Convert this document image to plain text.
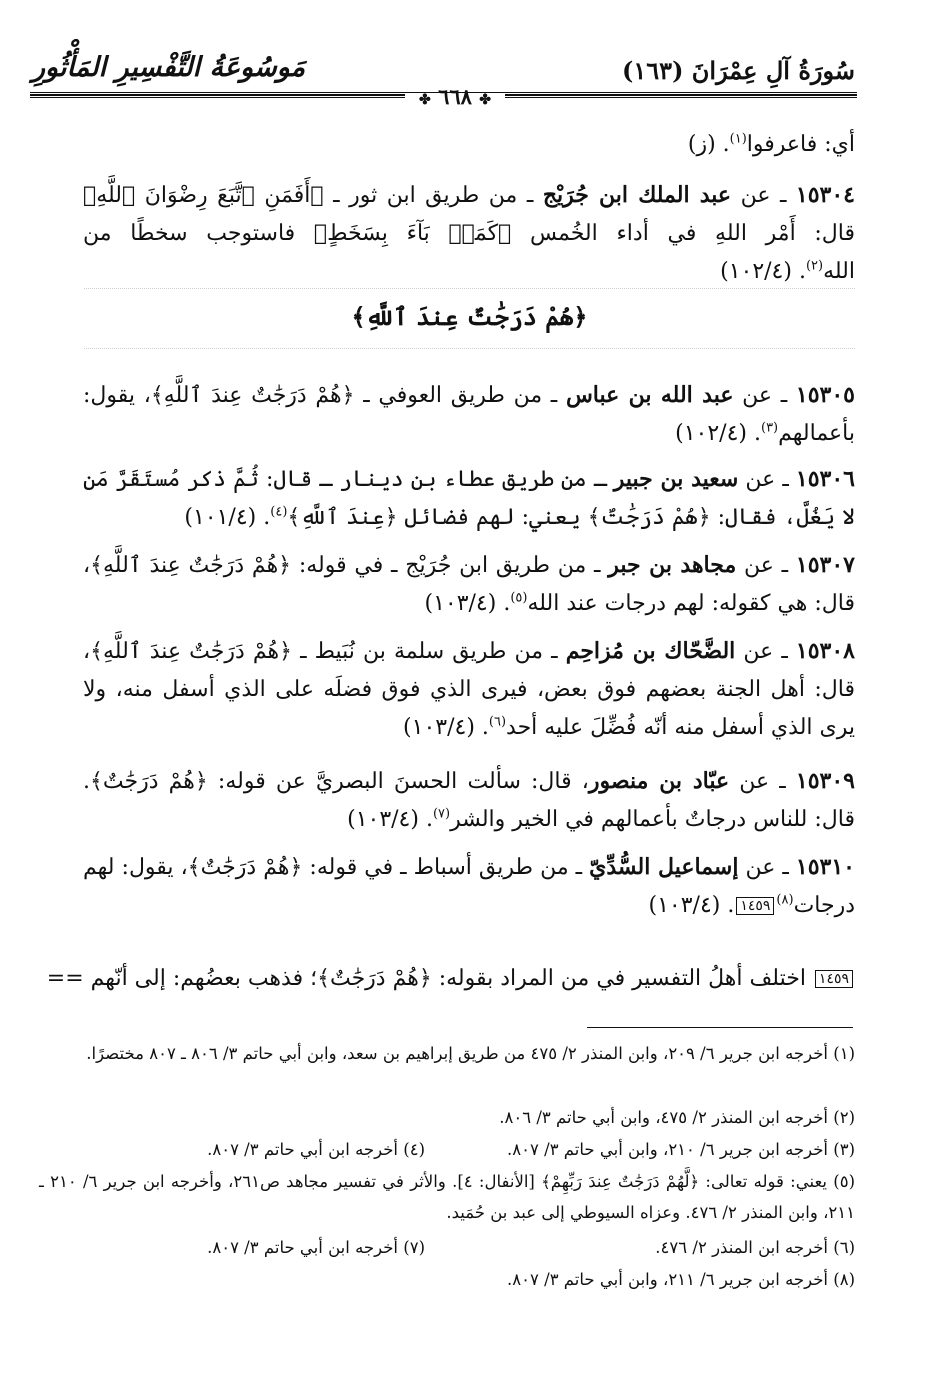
سُورَةُ آلِ عِمْرَانَ (١٦٣)
مَوسُوعَةُ التَّفْسِيرِ المَأْثُورِ
✤ ٦٦٨ ✤
أي: فاعرفوا$^{(١)}$. (ز)
١٥٣٠٤ ـ عن عبد الملك ابن جُرَيْج ـ من طريق ابن ثور ـ ﴿أَفَمَنِ ٱتَّبَعَ رِضْوَانَ ٱللَّهِ﴾ قال: أَمْر اللهِ في أداء الخُمس ﴿كَمَنۢ بَآءَ بِسَخَطٍ﴾ فاستوجب سخطًا من الله$^{(٢)}$. (١٠٢/٤)
﴿هُمْ دَرَجَٰتٌ عِندَ ٱللَّهِ﴾
١٥٣٠٥ ـ عن عبد الله بن عباس ـ من طريق العوفي ـ ﴿هُمْ دَرَجَٰتٌ عِندَ ٱللَّهِ﴾، يقول: بأعمالهم$^{(٣)}$. (١٠٢/٤)
١٥٣٠٦ ـ عن سعيد بن جبير ـ من طريق عطاء بن دينار ـ قال: ثُمَّ ذكر مُستَقَرَّ مَن لا يَغُلَّ، فقال: ﴿هُمْ دَرَجَٰتٌ﴾ يعني: لهم فضائل ﴿عِندَ ٱللَّهِ﴾$^{(٤)}$. (١٠١/٤)
١٥٣٠٧ ـ عن مجاهد بن جبر ـ من طريق ابن جُرَيْج ـ في قوله: ﴿هُمْ دَرَجَٰتٌ عِندَ ٱللَّهِ﴾، قال: هي كقوله: لهم درجات عند الله$^{(٥)}$. (١٠٣/٤)
١٥٣٠٨ ـ عن الضَّحّاك بن مُزاحِم ـ من طريق سلمة بن نُبَيط ـ ﴿هُمْ دَرَجَٰتٌ عِندَ ٱللَّهِ﴾، قال: أهل الجنة بعضهم فوق بعض، فيرى الذي فوق فضلَه على الذي أسفل منه، ولا يرى الذي أسفل منه أنّه فُضِّلَ عليه أحد$^{(٦)}$. (١٠٣/٤)
١٥٣٠٩ ـ عن عبّاد بن منصور، قال: سألت الحسنَ البصريَّ عن قوله: ﴿هُمْ دَرَجَٰتٌ﴾. قال: للناس درجاتٌ بأعمالهم في الخير والشر$^{(٧)}$. (١٠٣/٤)
١٥٣١٠ ـ عن إسماعيل السُّدِّيّ ـ من طريق أسباط ـ في قوله: ﴿هُمْ دَرَجَٰتٌ﴾، يقول: لهم درجات$^{(٨)}$١٤٥٩. (١٠٣/٤)
١٤٥٩ اختلف أهلُ التفسير في من المراد بقوله: ﴿هُمْ دَرَجَٰتٌ﴾؛ فذهب بعضُهم: إلى أنّهم ==
(١) أخرجه ابن جرير ٦/ ٢٠٩، وابن المنذر ٢/ ٤٧٥ من طريق إبراهيم بن سعد، وابن أبي حاتم ٣/ ٨٠٦ ـ ٨٠٧ مختصرًا.
(٢) أخرجه ابن المنذر ٢/ ٤٧٥، وابن أبي حاتم ٣/ ٨٠٦.
(٣) أخرجه ابن جرير ٦/ ٢١٠، وابن أبي حاتم ٣/ ٨٠٧.
(٤) أخرجه ابن أبي حاتم ٣/ ٨٠٧.
(٥) يعني: قوله تعالى: ﴿لَّهُمْ دَرَجَٰتٌ عِندَ رَبِّهِمْ﴾ [الأنفال: ٤]. والأثر في تفسير مجاهد ص٢٦١، وأخرجه ابن جرير ٦/ ٢١٠ ـ ٢١١، وابن المنذر ٢/ ٤٧٦. وعزاه السيوطي إلى عبد بن حُمَيد.
(٦) أخرجه ابن المنذر ٢/ ٤٧٦.
(٧) أخرجه ابن أبي حاتم ٣/ ٨٠٧.
(٨) أخرجه ابن جرير ٦/ ٢١١، وابن أبي حاتم ٣/ ٨٠٧.
